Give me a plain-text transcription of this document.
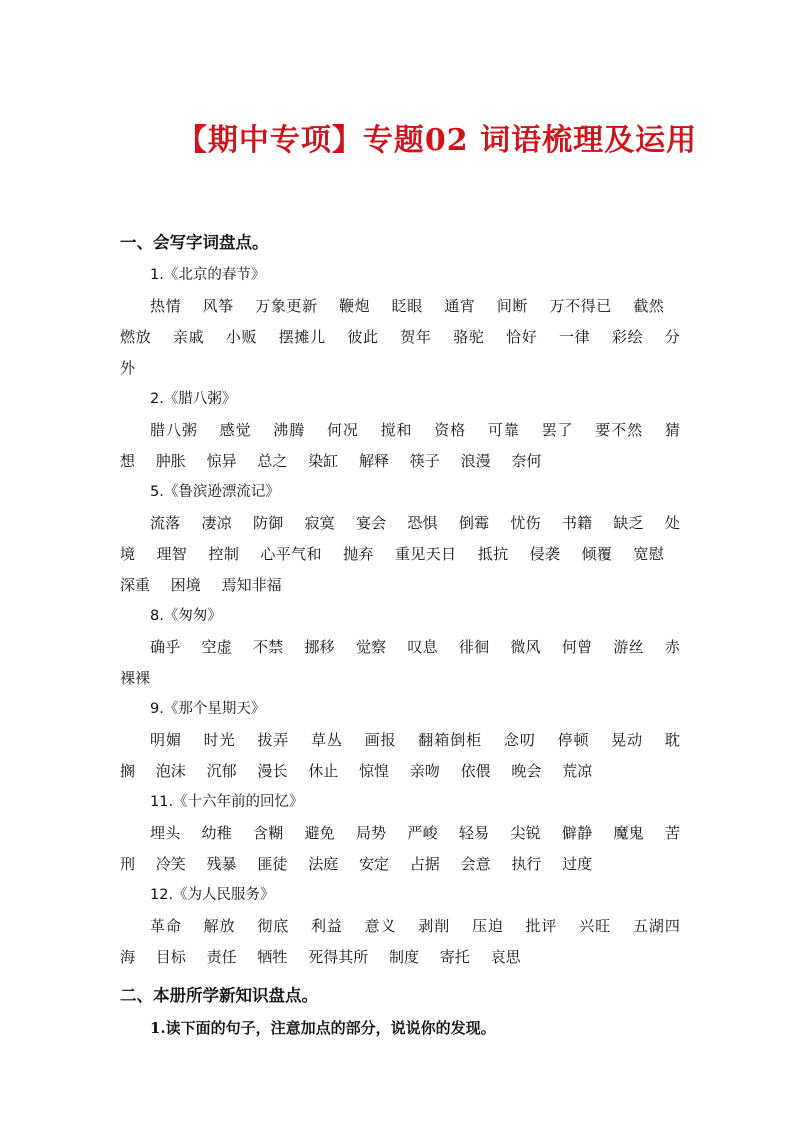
【期中专项】专题02 词语梳理及运用
一、会写字词盘点。
1.《北京的春节》
热情 风筝 万象更新 鞭炮 眨眼 通宵 间断 万不得已 截然 燃放 亲戚 小贩 摆摊儿 彼此 贺年 骆驼 恰好 一律 彩绘 分外
2.《腊八粥》
腊八粥 感觉 沸腾 何况 搅和 资格 可靠 罢了 要不然 猜想 肿胀 惊异 总之 染缸 解释 筷子 浪漫 奈何
5.《鲁滨逊漂流记》
流落 凄凉 防御 寂寞 宴会 恐惧 倒霉 忧伤 书籍 缺乏 处境 理智 控制 心平气和 抛弃 重见天日 抵抗 侵袭 倾覆 宽慰 深重 困境 焉知非福
8.《匆匆》
确乎 空虚 不禁 挪移 觉察 叹息 徘徊 微风 何曾 游丝 赤裸裸
9.《那个星期天》
明媚 时光 拔弄 草丛 画报 翻箱倒柜 念叨 停顿 晃动 耽搁 泡沫 沉郁 漫长 休止 惊惶 亲吻 依偎 晚会 荒凉
11.《十六年前的回忆》
埋头 幼稚 含糊 避免 局势 严峻 轻易 尖锐 僻静 魔鬼 苦刑 冷笑 残暴 匪徒 法庭 安定 占据 会意 执行 过度
12.《为人民服务》
革命 解放 彻底 利益 意义 剥削 压迫 批评 兴旺 五湖四海 目标 责任 牺牲 死得其所 制度 寄托 哀思
二、本册所学新知识盘点。
1.读下面的句子，注意加点的部分，说说你的发现。
